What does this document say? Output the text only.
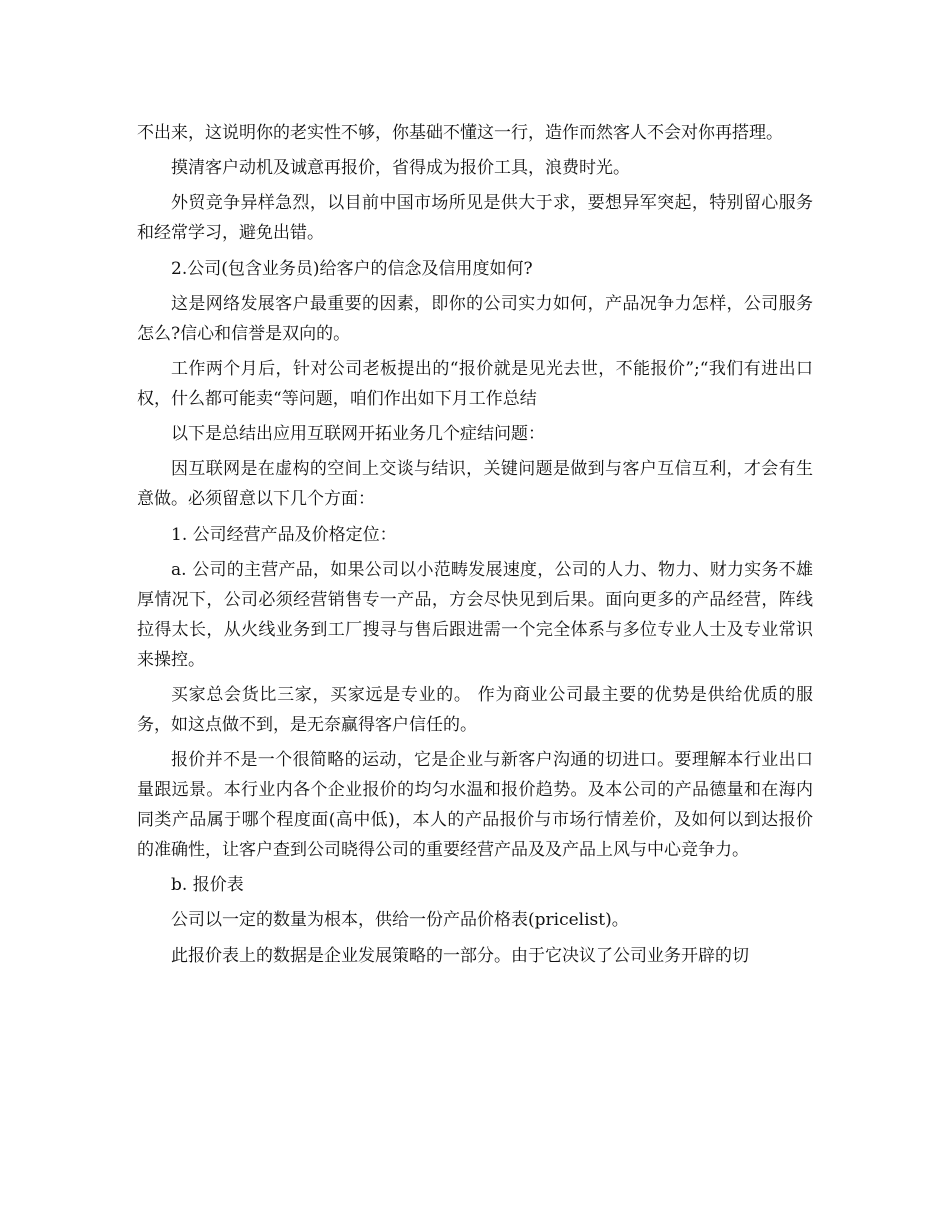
不出来，这说明你的老实性不够，你基础不懂这一行，造作而然客人不会对你再搭理。

摸清客户动机及诚意再报价，省得成为报价工具，浪费时光。

外贸竞争异样急烈，以目前中国市场所见是供大于求，要想异军突起，特别留心服务和经常学习，避免出错。

2.公司(包含业务员)给客户的信念及信用度如何?

这是网络发展客户最重要的因素，即你的公司实力如何，产品况争力怎样，公司服务怎么?信心和信誉是双向的。

工作两个月后，针对公司老板提出的“报价就是见光去世，不能报价”;“我们有进出口权，什么都可能卖“等问题，咱们作出如下月工作总结

以下是总结出应用互联网开拓业务几个症结问题：

因互联网是在虚构的空间上交谈与结识，关键问题是做到与客户互信互利，才会有生意做。必须留意以下几个方面：

1. 公司经营产品及价格定位：

a. 公司的主营产品，如果公司以小范畴发展速度，公司的人力、物力、财力实务不雄厚情况下，公司必须经营销售专一产品，方会尽快见到后果。面向更多的产品经营，阵线拉得太长，从火线业务到工厂搜寻与售后跟进需一个完全体系与多位专业人士及专业常识来操控。

买家总会货比三家，买家远是专业的。 作为商业公司最主要的优势是供给优质的服务，如这点做不到，是无奈赢得客户信任的。

报价并不是一个很简略的运动，它是企业与新客户沟通的切进口。要理解本行业出口量跟远景。本行业内各个企业报价的均匀水温和报价趋势。及本公司的产品德量和在海内同类产品属于哪个程度面(高中低)，本人的产品报价与市场行情差价，及如何以到达报价的准确性，让客户查到公司晓得公司的重要经营产品及及产品上风与中心竞争力。

b. 报价表

公司以一定的数量为根本，供给一份产品价格表(pricelist)。

此报价表上的数据是企业发展策略的一部分。由于它决议了公司业务开辟的切
